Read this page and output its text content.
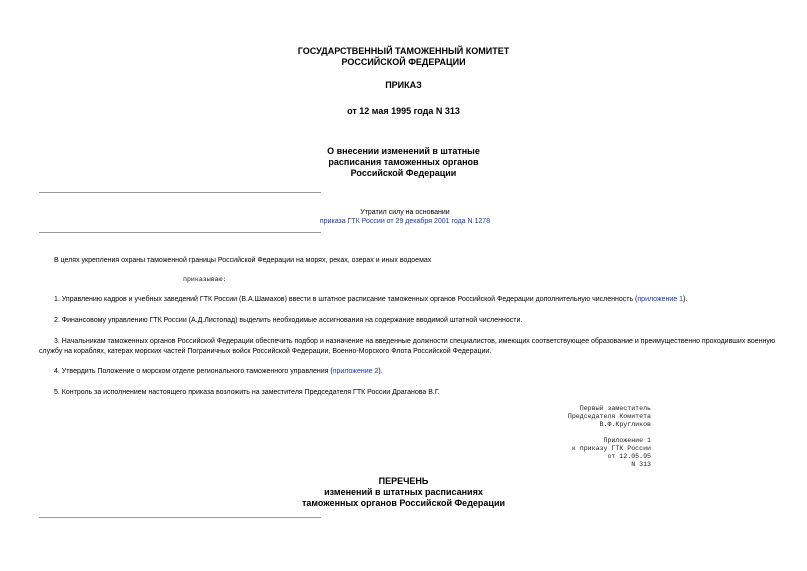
ГОСУДАРСТВЕННЫЙ ТАМОЖЕННЫЙ КОМИТЕТ
РОССИЙСКОЙ ФЕДЕРАЦИИ
ПРИКАЗ
от 12 мая 1995 года N 313
О внесении изменений в штатные
расписания таможенных органов
Российской Федерации
Утратил силу на основании
приказа ГТК России от 29 декабря 2001 года N 1278
В целях укрепления охраны таможенной границы Российской Федерации на морях, реках, озерах и иных водоемах
приказываю:
1. Управлению кадров и учебных заведений ГТК России (В.А.Шамахов) ввести в штатное расписание таможенных органов Российской Федерации дополнительную численность (приложение 1).
2. Финансовому управлению ГТК России (А.Д.Листопад) выделить необходимые ассигнования на содержание вводимой штатной численности.
3. Начальникам таможенных органов Российской Федерации обеспечить подбор и назначение на введенные должности специалистов, имеющих соответствующее образование и преимущественно проходивших военную службу на кораблях, катерах морских частей Пограничных войск Российской Федерации, Военно-Морского Флота Российской Федерации.
4. Утвердить Положение о морском отделе регионального таможенного управления (приложение 2).
5. Контроль за исполнением настоящего приказа возложить на заместителя Председателя ГТК России Драганова В.Г.
Первый заместитель
Председателя Комитета
В.Ф.Кругликов
Приложение 1
к приказу ГТК России
от 12.05.95
N 313
ПЕРЕЧЕНЬ
изменений в штатных расписаниях
таможенных органов Российской Федерации
